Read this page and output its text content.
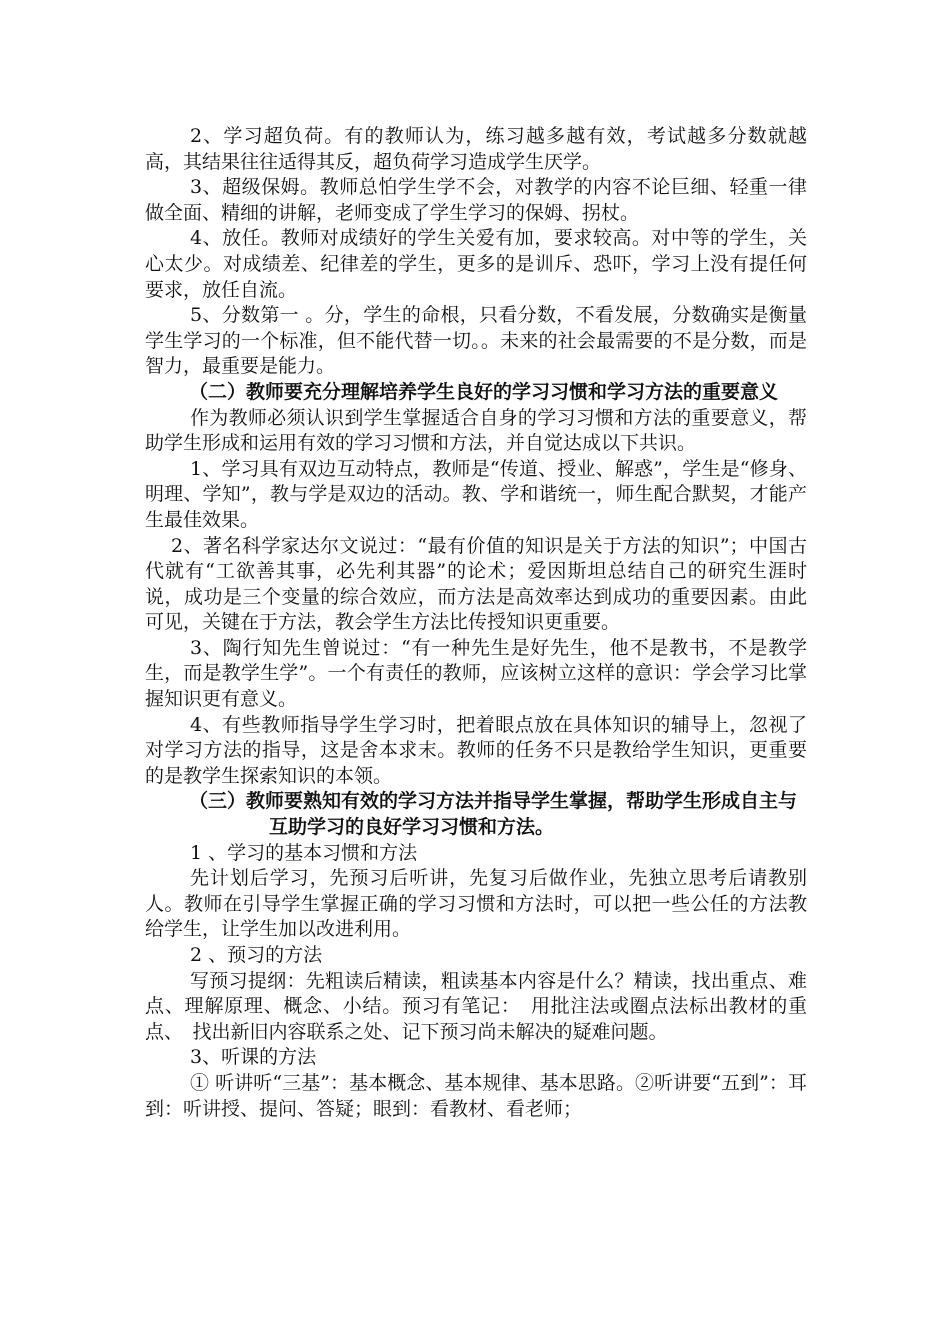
2、学习超负荷。有的教师认为，练习越多越有效，考试越多分数就越高，其结果往往适得其反，超负荷学习造成学生厌学。

3、超级保姆。教师总怕学生学不会，对教学的内容不论巨细、轻重一律做全面、精细的讲解，老师变成了学生学习的保姆、拐杖。

4、放任。教师对成绩好的学生关爱有加，要求较高。对中等的学生，关心太少。对成绩差、纪律差的学生，更多的是训斥、恐吓，学习上没有提任何要求，放任自流。

5、分数第一 。分，学生的命根，只看分数，不看发展，分数确实是衡量学生学习的一个标准，但不能代替一切。。未来的社会最需要的不是分数，而是智力，最重要是能力。

（二）教师要充分理解培养学生良好的学习习惯和学习方法的重要意义

作为教师必须认识到学生掌握适合自身的学习习惯和方法的重要意义，帮助学生形成和运用有效的学习习惯和方法，并自觉达成以下共识。

1、学习具有双边互动特点，教师是“传道、授业、解惑”，学生是“修身、明理、学知”，教与学是双边的活动。教、学和谐统一，师生配合默契，才能产生最佳效果。

2、著名科学家达尔文说过：“最有价值的知识是关于方法的知识”；中国古代就有“工欲善其事，必先利其器”的论术；爱因斯坦总结自己的研究生涯时说，成功是三个变量的综合效应，而方法是高效率达到成功的重要因素。由此可见，关键在于方法，教会学生方法比传授知识更重要。

3、陶行知先生曾说过：“有一种先生是好先生，他不是教书，不是教学生，而是教学生学”。一个有责任的教师，应该树立这样的意识：学会学习比掌握知识更有意义。

4、有些教师指导学生学习时，把着眼点放在具体知识的辅导上，忽视了对学习方法的指导，这是舍本求末。教师的任务不只是教给学生知识，更重要的是教学生探索知识的本领。

（三）教师要熟知有效的学习方法并指导学生掌握，帮助学生形成自主与互助学习的良好学习习惯和方法。

1 、学习的基本习惯和方法

先计划后学习，先预习后听讲，先复习后做作业，先独立思考后请教别人。教师在引导学生掌握正确的学习习惯和方法时，可以把一些公任的方法教给学生，让学生加以改进利用。

2 、预习的方法

写预习提纲：先粗读后精读，粗读基本内容是什么？精读，找出重点、难点、理解原理、概念、小结。预习有笔记：　用批注法或圈点法标出教材的重点、　找出新旧内容联系之处、记下预习尚未解决的疑难问题。

3、听课的方法

① 听讲听“三基”：基本概念、基本规律、基本思路。②听讲要“五到”：耳到：听讲授、提问、答疑；眼到：看教材、看老师；
